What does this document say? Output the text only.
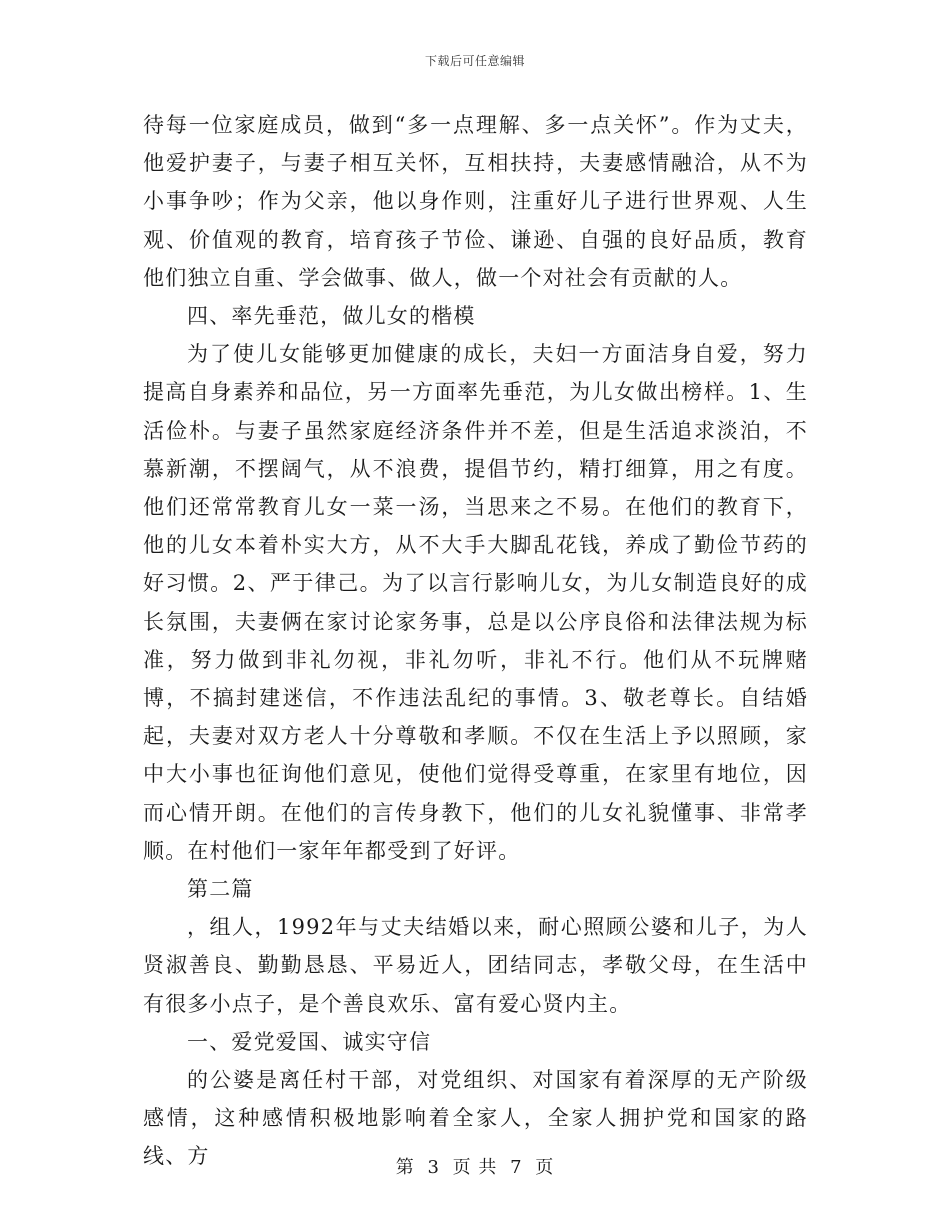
下载后可任意编辑

待每一位家庭成员，做到“多一点理解、多一点关怀”。作为丈夫，他爱护妻子，与妻子相互关怀，互相扶持，夫妻感情融洽，从不为小事争吵；作为父亲，他以身作则，注重好儿子进行世界观、人生观、价值观的教育，培育孩子节俭、谦逊、自强的良好品质，教育他们独立自重、学会做事、做人，做一个对社会有贡献的人。

四、率先垂范，做儿女的楷模

为了使儿女能够更加健康的成长，夫妇一方面洁身自爱，努力提高自身素养和品位，另一方面率先垂范，为儿女做出榜样。1、生活俭朴。与妻子虽然家庭经济条件并不差，但是生活追求淡泊，不慕新潮，不摆阔气，从不浪费，提倡节约，精打细算，用之有度。他们还常常教育儿女一菜一汤，当思来之不易。在他们的教育下，他的儿女本着朴实大方，从不大手大脚乱花钱，养成了勤俭节药的好习惯。2、严于律己。为了以言行影响儿女，为儿女制造良好的成长氛围，夫妻俩在家讨论家务事，总是以公序良俗和法律法规为标准，努力做到非礼勿视，非礼勿听，非礼不行。他们从不玩牌赌博，不搞封建迷信，不作违法乱纪的事情。3、敬老尊长。自结婚起，夫妻对双方老人十分尊敬和孝顺。不仅在生活上予以照顾，家中大小事也征询他们意见，使他们觉得受尊重，在家里有地位，因而心情开朗。在他们的言传身教下，他们的儿女礼貌懂事、非常孝顺。在村他们一家年年都受到了好评。

第二篇

，组人，1992年与丈夫结婚以来，耐心照顾公婆和儿子，为人贤淑善良、勤勤恳恳、平易近人，团结同志，孝敬父母，在生活中有很多小点子，是个善良欢乐、富有爱心贤内主。

一、爱党爱国、诚实守信

的公婆是离任村干部，对党组织、对国家有着深厚的无产阶级感情，这种感情积极地影响着全家人，全家人拥护党和国家的路线、方	第 3 页 共 7 页
